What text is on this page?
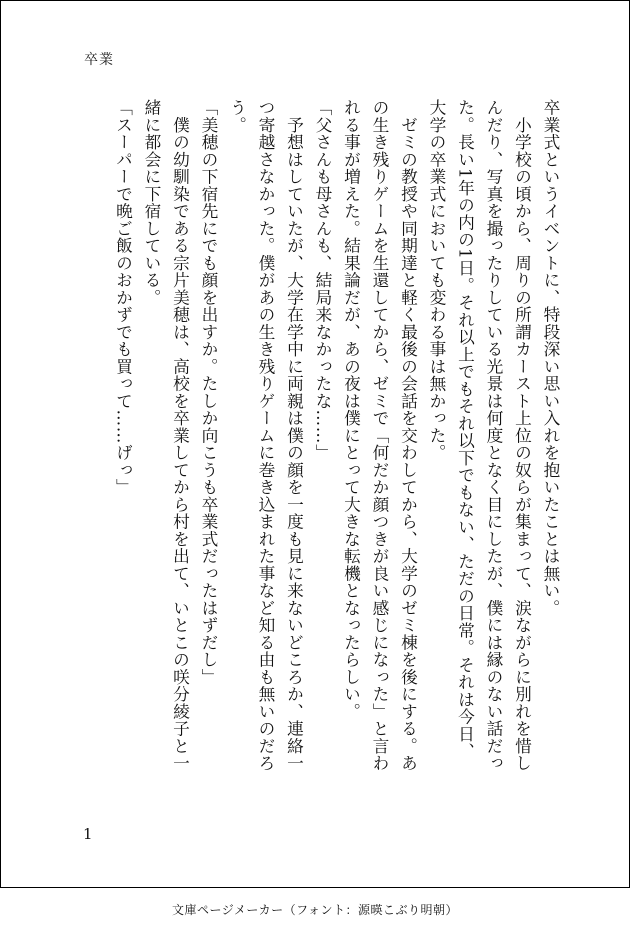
卒業

卒業式というイベントに、特段深い思い入れを抱いたことは無い。

　小学校の頃から、周りの所謂カースト上位の奴らが集まって、涙ながらに別れを惜し

んだり、写真を撮ったりしている光景は何度となく目にしたが、僕には縁のない話だっ

た。長い1年の内の1日。それ以上でもそれ以下でもない、ただの日常。それは今日、

大学の卒業式においても変わる事は無かった。

　ゼミの教授や同期達と軽く最後の会話を交わしてから、大学のゼミ棟を後にする。あ

の生き残りゲームを生還してから、ゼミで「何だか顔つきが良い感じになった」と言わ

れる事が増えた。結果論だが、あの夜は僕にとって大きな転機となったらしい。

「父さんも母さんも、結局来なかったな……」

　予想はしていたが、大学在学中に両親は僕の顔を一度も見に来ないどころか、連絡一

つ寄越さなかった。僕があの生き残りゲームに巻き込まれた事など知る由も無いのだろ

う。

「美穂の下宿先にでも顔を出すか。たしか向こうも卒業式だったはずだし」

　僕の幼馴染である宗片美穂は、高校を卒業してから村を出て、いとこの咲分綾子と一

緒に都会に下宿している。

「スーパーで晩ご飯のおかずでも買って……げっ」

1
文庫ページメーカー（フォント：源暎こぶり明朝）
